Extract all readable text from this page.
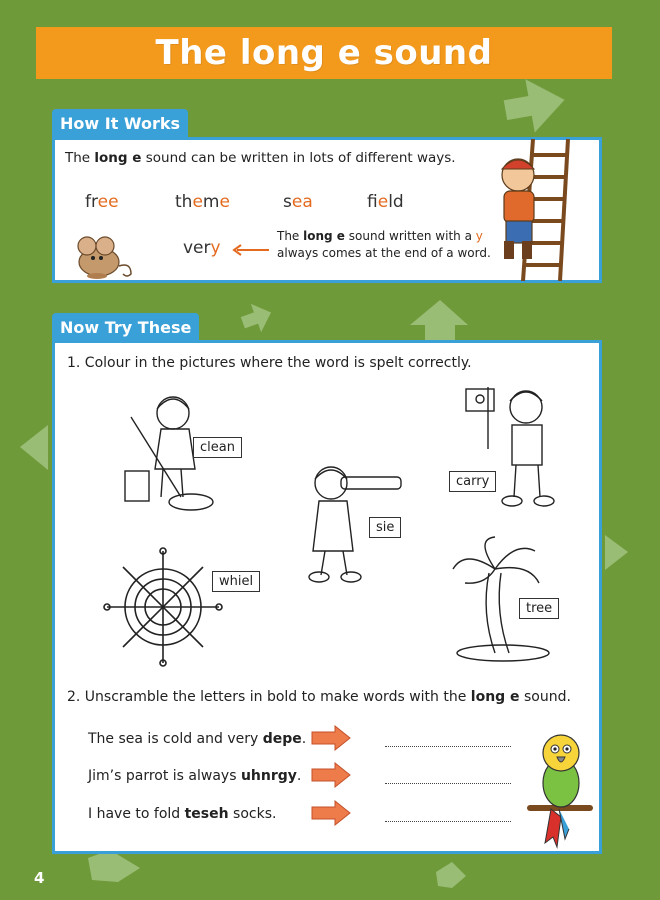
The long e sound
How It Works
The long e sound can be written in lots of different ways.
free	theme	sea	field
very
The long e sound written with a y always comes at the end of a word.
Now Try These
1. Colour in the pictures where the word is spelt correctly.
clean
carry
sie
whiel
tree
2. Unscramble the letters in bold to make words with the long e sound.
The sea is cold and very depe.
Jim’s parrot is always uhnrgy.
I have to fold teseh socks.
4
